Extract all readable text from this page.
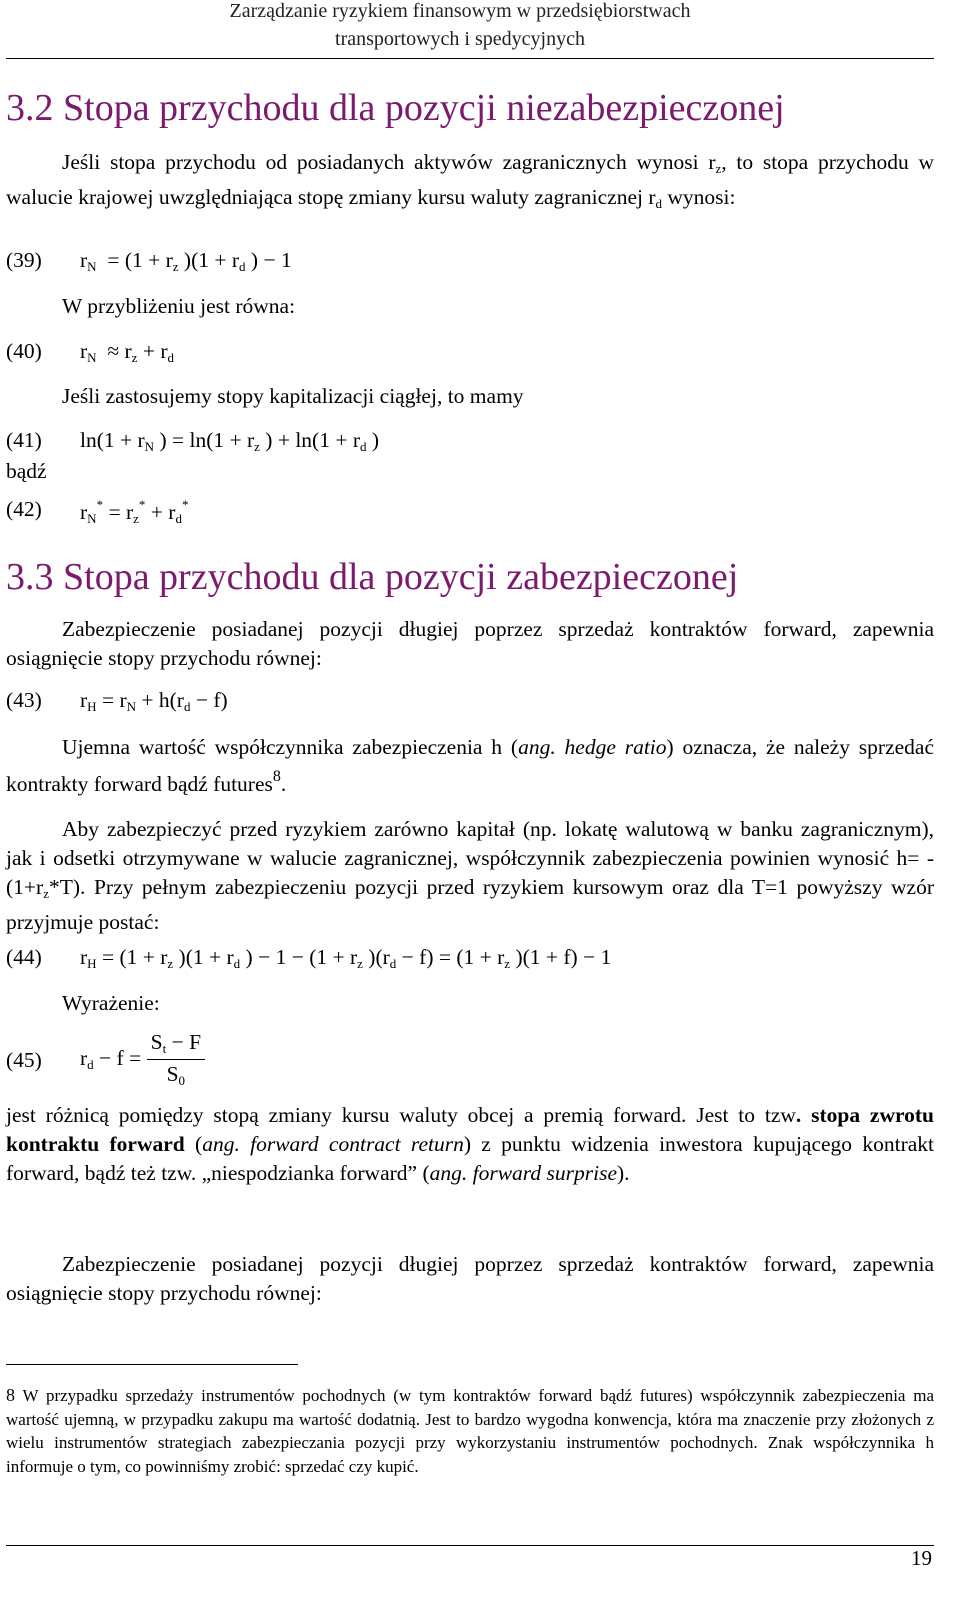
Zarządzanie ryzykiem finansowym w przedsiębiorstwach
transportowych i spedycyjnych
3.2 Stopa przychodu dla pozycji niezabezpieczonej
Jeśli stopa przychodu od posiadanych aktywów zagranicznych wynosi $r_z$, to stopa przychodu w walucie krajowej uwzględniająca stopę zmiany kursu waluty zagranicznej $r_d$ wynosi:
(39) $r_N = (1 + r_z$ )($1 + r_d$ ) − 1
W przybliżeniu jest równa:
(40) $r_N \approx r_z + r_d$
Jeśli zastosujemy stopy kapitalizacji ciągłej, to mamy
(41) $\ln(1 + r_N$ ) = $\ln(1 + r_z$ ) + $\ln(1 + r_d$ )
bądź
(42) $r_N^* = r_z^* + r_d^*$
3.3 Stopa przychodu dla pozycji zabezpieczonej
Zabezpieczenie posiadanej pozycji długiej poprzez sprzedaż kontraktów forward, zapewnia osiągnięcie stopy przychodu równej:
(43) $r_H = r_N + h(r_d - f)$
Ujemna wartość współczynnika zabezpieczenia h (ang. hedge ratio) oznacza, że należy sprzedać kontrakty forward bądź futures$^8$.
Aby zabezpieczyć przed ryzykiem zarówno kapitał (np. lokatę walutową w banku zagranicznym), jak i odsetki otrzymywane w walucie zagranicznej, współczynnik zabezpieczenia powinien wynosić $h= -(1+r_z*T)$. Przy pełnym zabezpieczeniu pozycji przed ryzykiem kursowym oraz dla T=1 powyższy wzór przyjmuje postać:
(44) $r_H = (1 + r_z$ )($1 + r_d$ ) − $1 - (1 + r_z$ )$(r_d - f) = (1 + r_z$ )(1 + f) − 1
Wyrażenie:
(45) $r_d - f = \frac{S_t - F}{S_0}$
jest różnicą pomiędzy stopą zmiany kursu waluty obcej a premią forward. Jest to tzw. stopa zwrotu kontraktu forward (ang. forward contract return) z punktu widzenia inwestora kupującego kontrakt forward, bądź też tzw. „niespodzianka forward” (ang. forward surprise).
Zabezpieczenie posiadanej pozycji długiej poprzez sprzedaż kontraktów forward, zapewnia osiągnięcie stopy przychodu równej:
8 W przypadku sprzedaży instrumentów pochodnych (w tym kontraktów forward bądź futures) współczynnik zabezpieczenia ma wartość ujemną, w przypadku zakupu ma wartość dodatnią. Jest to bardzo wygodna konwencja, która ma znaczenie przy złożonych z wielu instrumentów strategiach zabezpieczania pozycji przy wykorzystaniu instrumentów pochodnych. Znak współczynnika h informuje o tym, co powinniśmy zrobić: sprzedać czy kupić.
19
